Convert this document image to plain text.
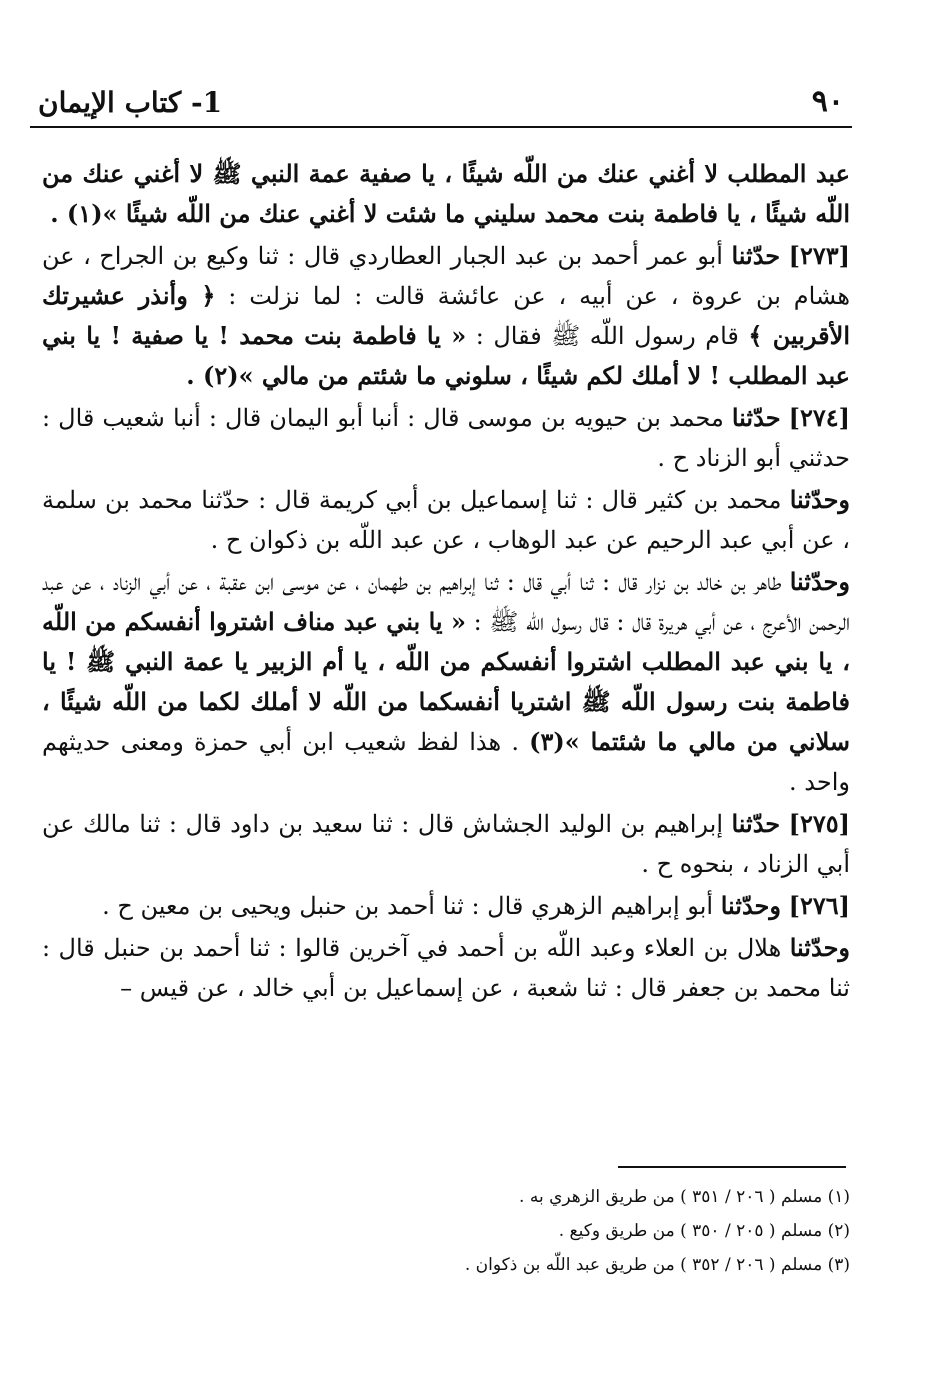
٩٠
1- كتاب الإيمان

عبد المطلب لا أغني عنك من اللّه شيئًا ، يا صفية عمة النبي ﷺ لا أغني عنك من اللّه شيئًا ، يا فاطمة بنت محمد سليني ما شئت لا أغني عنك من اللّه شيئًا »(١) .

[٢٧٣] حدّثنا أبو عمر أحمد بن عبد الجبار العطاردي قال : ثنا وكيع بن الجراح ، عن هشام بن عروة ، عن أبيه ، عن عائشة قالت : لما نزلت : ﴿ وأنذر عشيرتك الأقربين ﴾ قام رسول اللّه ﷺ فقال : « يا فاطمة بنت محمد ! يا صفية ! يا بني عبد المطلب ! لا أملك لكم شيئًا ، سلوني ما شئتم من مالي »(٢) .

[٢٧٤] حدّثنا محمد بن حيويه بن موسى قال : أنبا أبو اليمان قال : أنبا شعيب قال : حدثني أبو الزناد ح .

وحدّثنا محمد بن كثير قال : ثنا إسماعيل بن أبي كريمة قال : حدّثنا محمد بن سلمة ، عن أبي عبد الرحيم عن عبد الوهاب ، عن عبد اللّه بن ذكوان ح .

وحدّثنا طاهر بن خالد بن نزار قال : ثنا أبي قال : ثنا إبراهيم بن طهمان ، عن موسى ابن عقبة ، عن أبي الزناد ، عن عبد الرحمن الأعرج ، عن أبي هريرة قال : قال رسول اللّه ﷺ : « يا بني عبد مناف اشتروا أنفسكم من اللّه ، يا بني عبد المطلب اشتروا أنفسكم من اللّه ، يا أم الزبير يا عمة النبي ﷺ ! يا فاطمة بنت رسول اللّه ﷺ اشتريا أنفسكما من اللّه لا أملك لكما من اللّه شيئًا ، سلاني من مالي ما شئتما »(٣) . هذا لفظ شعيب ابن أبي حمزة ومعنى حديثهم واحد .

[٢٧٥] حدّثنا إبراهيم بن الوليد الجشاش قال : ثنا سعيد بن داود قال : ثنا مالك عن أبي الزناد ، بنحوه ح .

[٢٧٦] وحدّثنا أبو إبراهيم الزهري قال : ثنا أحمد بن حنبل ويحيى بن معين ح .

وحدّثنا هلال بن العلاء وعبد اللّه بن أحمد في آخرين قالوا : ثنا أحمد بن حنبل قال : ثنا محمد بن جعفر قال : ثنا شعبة ، عن إسماعيل بن أبي خالد ، عن قيس –

(١) مسلم ( ٢٠٦ / ٣٥١ ) من طريق الزهري به .

(٢) مسلم ( ٢٠٥ / ٣٥٠ ) من طريق وكيع .

(٣) مسلم ( ٢٠٦ / ٣٥٢ ) من طريق عبد اللّه بن ذكوان .
